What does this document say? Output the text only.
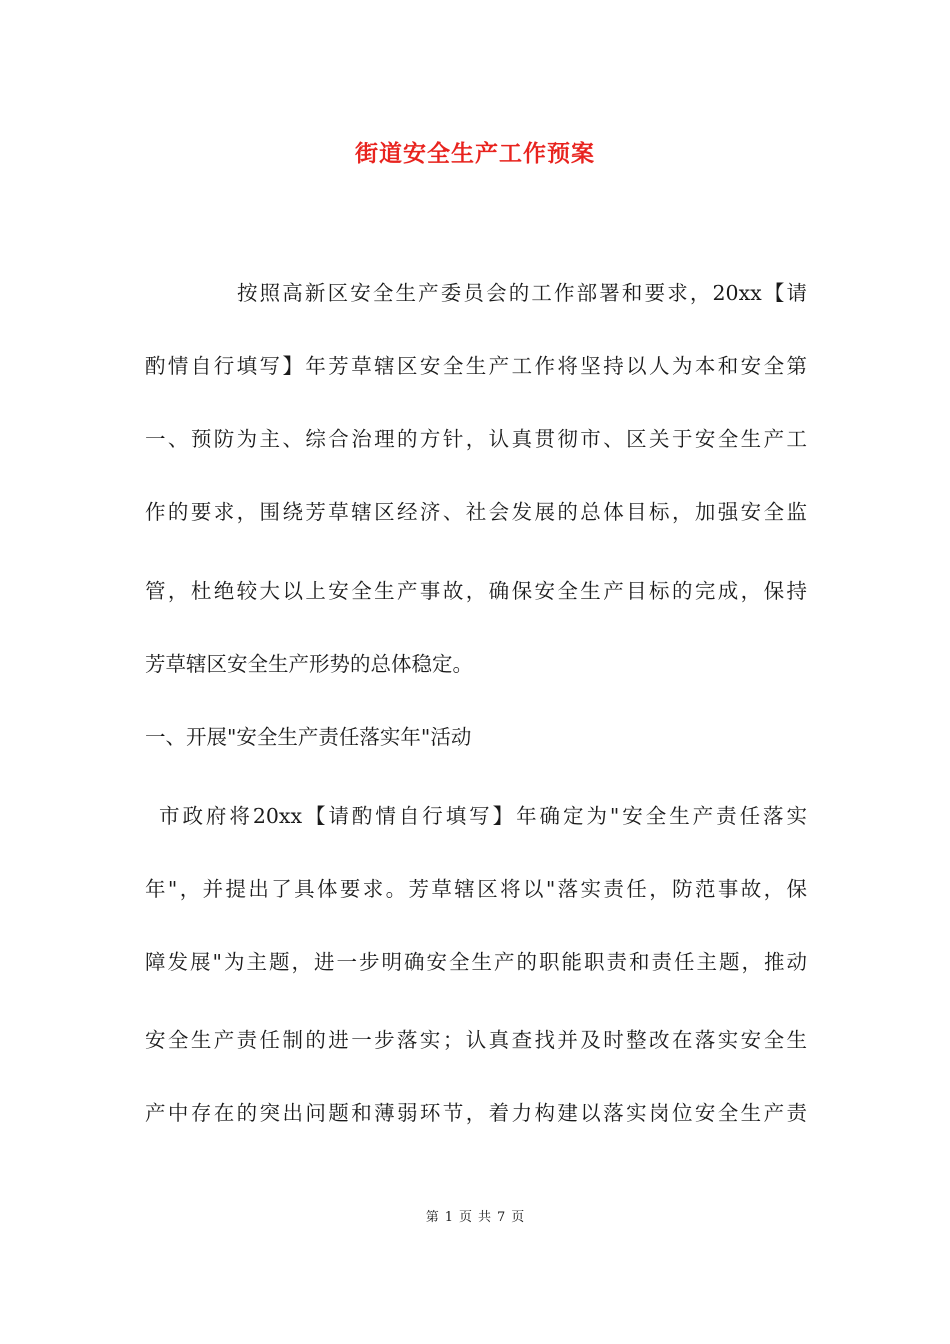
街道安全生产工作预案
按照高新区安全生产委员会的工作部署和要求，20xx【请
酌情自行填写】年芳草辖区安全生产工作将坚持以人为本和安全第
一、预防为主、综合治理的方针，认真贯彻市、区关于安全生产工
作的要求，围绕芳草辖区经济、社会发展的总体目标，加强安全监
管，杜绝较大以上安全生产事故，确保安全生产目标的完成，保持
芳草辖区安全生产形势的总体稳定。
一、开展"安全生产责任落实年"活动
市政府将20xx【请酌情自行填写】年确定为"安全生产责任落实
年"，并提出了具体要求。芳草辖区将以"落实责任，防范事故，保
障发展"为主题，进一步明确安全生产的职能职责和责任主题，推动
安全生产责任制的进一步落实；认真查找并及时整改在落实安全生
产中存在的突出问题和薄弱环节，着力构建以落实岗位安全生产责
第 1 页 共 7 页
